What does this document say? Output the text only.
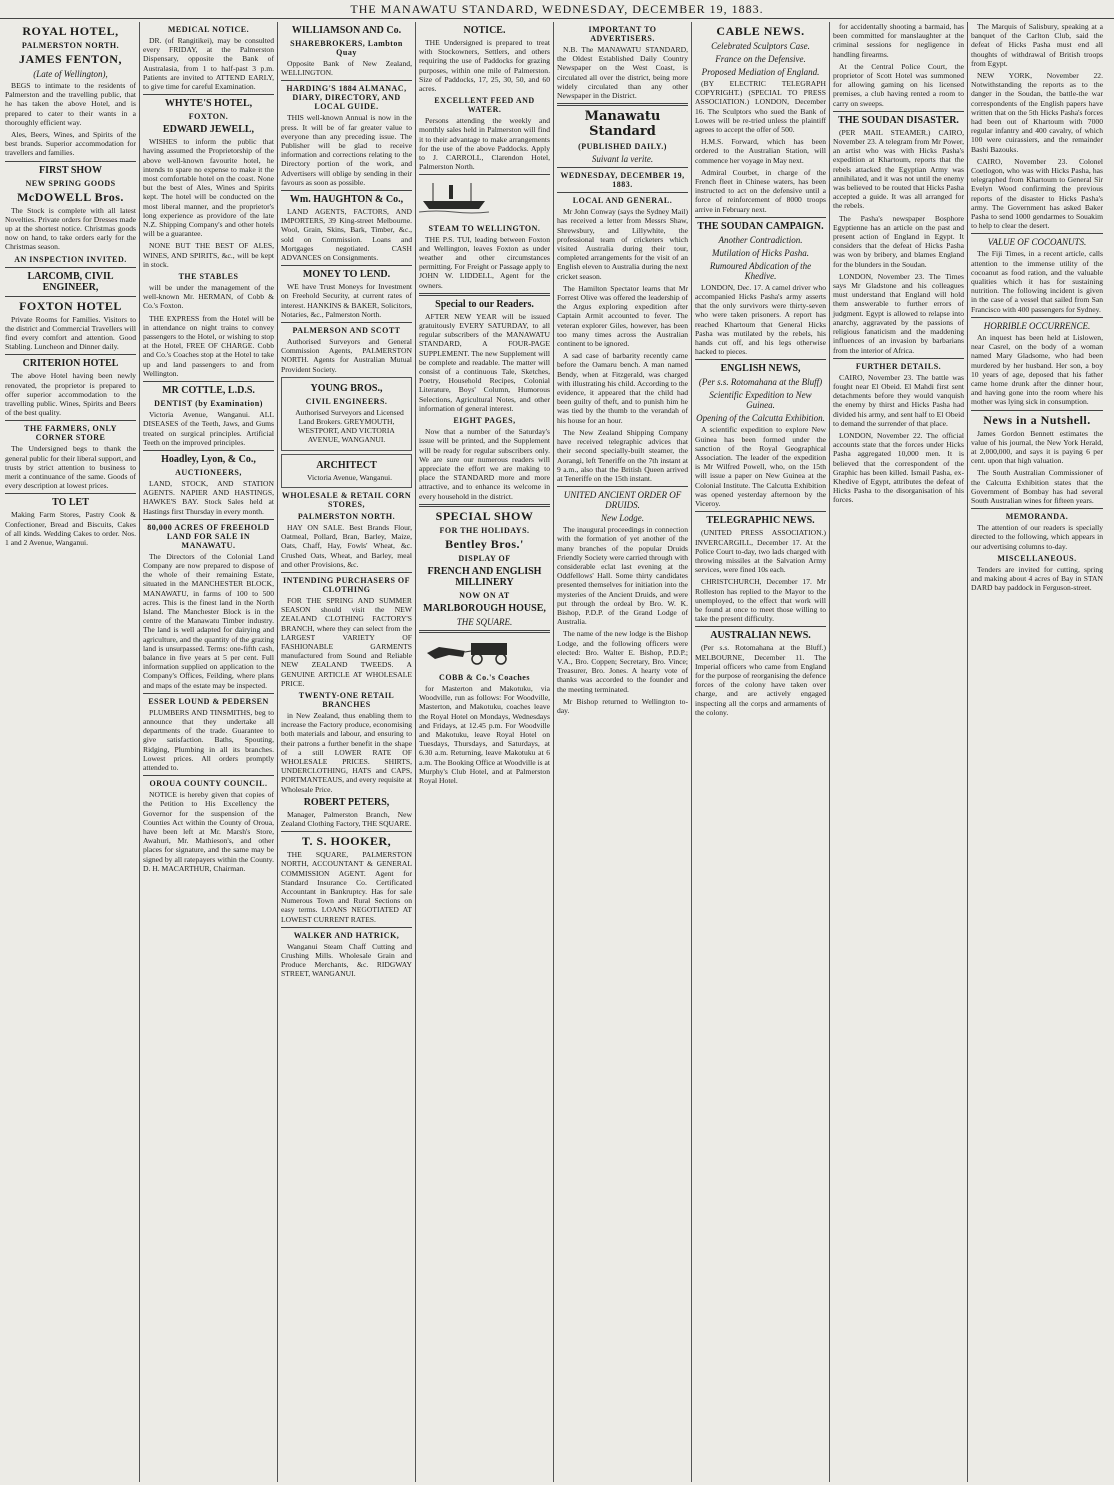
THE MANAWATU STANDARD, WEDNESDAY, DECEMBER 19, 1883.
ROYAL HOTEL,
PALMERSTON NORTH.
JAMES FENTON,
(Late of Wellington),

BEGS to intimate to the residents of Palmerston and the travelling public, that he has taken the above Hotel, and is prepared to cater to their wants in a thoroughly efficient way.

Ales, Beers, Wines, and Spirits of the best brands. Superior accommodation for travellers and families.

FIRST SHOW
NEW SPRING GOODS
McDOWELL Bros.

The Stock is complete with all latest Novelties. Private orders for Dresses made up at the shortest notice. Christmas goods now on hand, to take orders early for the Christmas season.

AN INSPECTION INVITED.
LARCOMB, CIVIL ENGINEER,
FOXTON HOTEL

Private Rooms for Families. Visitors to the district and Commercial Travellers will find every comfort and attention. Good Stabling. Luncheon and Dinner daily.

CRITERION HOTEL

The above Hotel having been newly renovated, the proprietor is prepared to offer superior accommodation to the travelling public. Wines, Spirits and Beers of the best quality.

THE FARMERS, ONLY CORNER STORE

The Undersigned begs to thank the general public for their liberal support, and trusts by strict attention to business to merit a continuance of the same. Goods of every description at lowest prices.

TO LET

Making Farm Stores, Pastry Cook & Confectioner, Bread and Biscuits, Cakes of all kinds. Wedding Cakes to order. Nos. 1 and 2 Avenue, Wanganui.

MEDICAL NOTICE.

DR. (of Rangitikei), may be consulted every FRIDAY, at the Palmerston Dispensary, opposite the Bank of Australasia, from 1 to half-past 3 p.m. Patients are invited to ATTEND EARLY, to give time for careful Examination.

WHYTE'S HOTEL,
FOXTON.
EDWARD JEWELL,

WISHES to inform the public that having assumed the Proprietorship of the above well-known favourite hotel, he intends to spare no expense to make it the most comfortable hotel on the coast. None but the best of Ales, Wines and Spirits kept. The hotel will be conducted on the most liberal manner, and the proprietor's long experience as providore of the late N.Z. Shipping Company's and other hotels will be a guarantee.

NONE BUT THE BEST OF ALES, WINES, AND SPIRITS, &c., will be kept in stock.

THE STABLES

will be under the management of the well-known Mr. HERMAN, of Cobb & Co.'s Foxton.

THE EXPRESS from the Hotel will be in attendance on night trains to convey passengers to the Hotel, or wishing to stop at the Hotel, FREE OF CHARGE. Cobb and Co.'s Coaches stop at the Hotel to take up and land passengers to and from Wellington.

MR COTTLE, L.D.S.
DENTIST (by Examination)

Victoria Avenue, Wanganui. ALL DISEASES of the Teeth, Jaws, and Gums treated on surgical principles. Artificial Teeth on the improved principles.

Hoadley, Lyon, & Co.,
AUCTIONEERS,

LAND, STOCK, AND STATION AGENTS. NAPIER AND HASTINGS, HAWKE'S BAY. Stock Sales held at Hastings first Thursday in every month.

80,000 ACRES OF FREEHOLD LAND FOR SALE IN MANAWATU.

The Directors of the Colonial Land Company are now prepared to dispose of the whole of their remaining Estate, situated in the MANCHESTER BLOCK, MANAWATU, in farms of 100 to 500 acres. This is the finest land in the North Island. The Manchester Block is in the centre of the Manawatu Timber industry. The land is well adapted for dairying and agriculture, and the quantity of the grazing land is unsurpassed. Terms: one-fifth cash, balance in five years at 5 per cent. Full information supplied on application to the Company's Offices, Feilding, where plans and maps of the estate may be inspected.

ESSER LOUND & PEDERSEN

PLUMBERS AND TINSMITHS, beg to announce that they undertake all departments of the trade. Guarantee to give satisfaction. Baths, Spouting, Ridging, Plumbing in all its branches. Lowest prices. All orders promptly attended to.

OROUA COUNTY COUNCIL.

NOTICE is hereby given that copies of the Petition to His Excellency the Governor for the suspension of the Counties Act within the County of Oroua, have been left at Mr. Marsh's Store, Awahuri, Mr. Mathieson's, and other places for signature, and the same may be signed by all ratepayers within the County. D. H. MACARTHUR, Chairman.

WILLIAMSON AND Co.
SHAREBROKERS, Lambton Quay

Opposite Bank of New Zealand, WELLINGTON.

HARDING'S 1884 ALMANAC, DIARY, DIRECTORY, AND LOCAL GUIDE.

THIS well-known Annual is now in the press. It will be of far greater value to everyone than any preceding issue. The Publisher will be glad to receive information and corrections relating to the Directory portion of the work, and Advertisers will oblige by sending in their favours as soon as possible.

Wm. HAUGHTON & Co.,

LAND AGENTS, FACTORS, AND IMPORTERS, 39 King-street Melbourne. Wool, Grain, Skins, Bark, Timber, &c., sold on Commission. Loans and Mortgages negotiated. CASH ADVANCES on Consignments.

MONEY TO LEND.

WE have Trust Moneys for Investment on Freehold Security, at current rates of interest. HANKINS & BAKER, Solicitors, Notaries, &c., Palmerston North.

PALMERSON AND SCOTT

Authorised Surveyors and General Commission Agents, PALMERSTON NORTH. Agents for Australian Mutual Provident Society.

YOUNG BROS.,
CIVIL ENGINEERS.

Authorised Surveyors and Licensed Land Brokers. GREYMOUTH, WESTPORT, AND VICTORIA AVENUE, WANGANUI.

ARCHITECT

Victoria Avenue, Wanganui.

WHOLESALE & RETAIL CORN STORES,
PALMERSTON NORTH.

HAY ON SALE. Best Brands Flour, Oatmeal, Pollard, Bran, Barley, Maize, Oats, Chaff, Hay, Fowls' Wheat, &c. Crushed Oats, Wheat, and Barley, meal and other Provisions, &c.

INTENDING PURCHASERS OF CLOTHING

FOR THE SPRING AND SUMMER SEASON should visit the NEW ZEALAND CLOTHING FACTORY'S BRANCH, where they can select from the LARGEST VARIETY OF FASHIONABLE GARMENTS manufactured from Sound and Reliable NEW ZEALAND TWEEDS. A GENUINE ARTICLE AT WHOLESALE PRICE.

TWENTY-ONE RETAIL BRANCHES

in New Zealand, thus enabling them to increase the Factory produce, economising both materials and labour, and ensuring to their patrons a further benefit in the shape of a still LOWER RATE OF WHOLESALE PRICES. SHIRTS, UNDERCLOTHING, HATS and CAPS, PORTMANTEAUS, and every requisite at Wholesale Price.

ROBERT PETERS,

Manager, Palmerston Branch, New Zealand Clothing Factory, THE SQUARE.

T. S. HOOKER,

THE SQUARE, PALMERSTON NORTH, ACCOUNTANT & GENERAL COMMISSION AGENT. Agent for Standard Insurance Co. Certificated Accountant in Bankruptcy. Has for sale Numerous Town and Rural Sections on easy terms. LOANS NEGOTIATED AT LOWEST CURRENT RATES.

WALKER AND HATRICK,

Wanganui Steam Chaff Cutting and Crushing Mills. Wholesale Grain and Produce Merchants, &c. RIDGWAY STREET, WANGANUI.

NOTICE.

THE Undersigned is prepared to treat with Stockowners, Settlers, and others requiring the use of Paddocks for grazing purposes, within one mile of Palmerston. Size of Paddocks, 17, 25, 30, 50, and 60 acres.

EXCELLENT FEED AND WATER.

Persons attending the weekly and monthly sales held in Palmerston will find it to their advantage to make arrangements for the use of the above Paddocks. Apply to J. CARROLL, Clarendon Hotel, Palmerston North.

STEAM TO WELLINGTON.

THE P.S. TUI, leading between Foxton and Wellington, leaves Foxton as under weather and other circumstances permitting. For Freight or Passage apply to JOHN W. LIDDELL, Agent for the owners.

Special to our Readers.

AFTER NEW YEAR will be issued gratuitously EVERY SATURDAY, to all regular subscribers of the MANAWATU STANDARD, A FOUR-PAGE SUPPLEMENT. The new Supplement will be complete and readable. The matter will consist of a continuous Tale, Sketches, Poetry, Household Recipes, Colonial Literature, Boys' Column, Humorous Selections, Agricultural Notes, and other information of general interest.

EIGHT PAGES,

Now that a number of the Saturday's issue will be printed, and the Supplement will be ready for regular subscribers only. We are sure our numerous readers will appreciate the effort we are making to place the STANDARD more and more attractive, and to enhance its welcome in every household in the district.

SPECIAL SHOW
FOR THE HOLIDAYS.
Bentley Bros.'
DISPLAY OF
FRENCH AND ENGLISH MILLINERY
NOW ON AT
MARLBOROUGH HOUSE,
THE SQUARE.
COBB & Co.'s Coaches

for Masterton and Makotuku, via Woodville, run as follows: For Woodville, Masterton, and Makotuku, coaches leave the Royal Hotel on Mondays, Wednesdays and Fridays, at 12.45 p.m. For Woodville and Makotuku, leave Royal Hotel on Tuesdays, Thursdays, and Saturdays, at 6.30 a.m. Returning, leave Makotuku at 6 a.m. The Booking Office at Woodville is at Murphy's Club Hotel, and at Palmerston Royal Hotel.

IMPORTANT TO ADVERTISERS.

N.B. The MANAWATU STANDARD, the Oldest Established Daily Country Newspaper on the West Coast, is circulated all over the district, being more widely circulated than any other Newspaper in the District.

Manawatu Standard
(PUBLISHED DAILY.)
Suivant la verite.
WEDNESDAY, DECEMBER 19, 1883.
LOCAL AND GENERAL.

Mr John Conway (says the Sydney Mail) has received a letter from Messrs Shaw, Shrewsbury, and Lillywhite, the professional team of cricketers which visited Australia during their tour, completed arrangements for the visit of an English eleven to Australia during the next cricket season.

The Hamilton Spectator learns that Mr Forrest Olive was offered the leadership of the Argus exploring expedition after Captain Armit accounted to fever. The veteran explorer Giles, however, has been too many times across the Australian continent to be ignored.

A sad case of barbarity recently came before the Oamaru bench. A man named Bendy, when at Fitzgerald, was charged with illustrating his child. According to the evidence, it appeared that the child had been guilty of theft, and to punish him he was tied by the thumb to the verandah of his house for an hour.

The New Zealand Shipping Company have received telegraphic advices that their second specially-built steamer, the Aorangi, left Teneriffe on the 7th instant at 9 a.m., also that the British Queen arrived at Teneriffe on the 15th instant.

UNITED ANCIENT ORDER OF DRUIDS.
New Lodge.

The inaugural proceedings in connection with the formation of yet another of the many branches of the popular Druids Friendly Society were carried through with considerable eclat last evening at the Oddfellows' Hall. Some thirty candidates presented themselves for initiation into the mysteries of the Ancient Druids, and were put through the ordeal by Bro. W. K. Bishop, P.D.P. of the Grand Lodge of Australia.

The name of the new lodge is the Bishop Lodge, and the following officers were elected: Bro. Walter E. Bishop, P.D.P.; V.A., Bro. Coppen; Secretary, Bro. Vince; Treasurer, Bro. Jones. A hearty vote of thanks was accorded to the founder and the meeting terminated.

Mr Bishop returned to Wellington to-day.

CABLE NEWS.
Celebrated Sculptors Case.
France on the Defensive.
Proposed Mediation of England.

(BY ELECTRIC TELEGRAPH COPYRIGHT.) (SPECIAL TO PRESS ASSOCIATION.) LONDON, December 16. The Sculptors who sued the Bank of Lowes will be re-tried unless the plaintiff agrees to accept the offer of 500.

H.M.S. Forward, which has been ordered to the Australian Station, will commence her voyage in May next.

Admiral Courbet, in charge of the French fleet in Chinese waters, has been instructed to act on the defensive until a force of reinforcement of 8000 troops arrive in February next.

THE SOUDAN CAMPAIGN.
Another Contradiction.
Mutilation of Hicks Pasha.
Rumoured Abdication of the Khedive.

LONDON, Dec. 17. A camel driver who accompanied Hicks Pasha's army asserts that the only survivors were thirty-seven who were taken prisoners. A report has reached Khartoum that General Hicks Pasha was mutilated by the rebels, his hands cut off, and his legs otherwise hacked to pieces.

ENGLISH NEWS,
(Per s.s. Rotomahana at the Bluff)
Scientific Expedition to New Guinea.
Opening of the Calcutta Exhibition.

A scientific expedition to explore New Guinea has been formed under the sanction of the Royal Geographical Association. The leader of the expedition is Mr Wilfred Powell, who, on the 15th will issue a paper on New Guinea at the Colonial Institute. The Calcutta Exhibition was opened yesterday afternoon by the Viceroy.

TELEGRAPHIC NEWS.

(UNITED PRESS ASSOCIATION.) INVERCARGILL, December 17. At the Police Court to-day, two lads charged with throwing missiles at the Salvation Army services, were fined 10s each.

CHRISTCHURCH, December 17. Mr Rolleston has replied to the Mayor to the unemployed, to the effect that work will be found at once to meet those willing to take the present difficulty.

AUSTRALIAN NEWS.

(Per s.s. Rotomahana at the Bluff.) MELBOURNE, December 11. The Imperial officers who came from England for the purpose of reorganising the defence forces of the colony have taken over charge, and are actively engaged inspecting all the corps and armaments of the colony.

for accidentally shooting a barmaid, has been committed for manslaughter at the criminal sessions for negligence in handling firearms.

At the Central Police Court, the proprietor of Scott Hotel was summoned for allowing gaming on his licensed premises, a club having rented a room to carry on sweeps.

THE SOUDAN DISASTER.

(PER MAIL STEAMER.) CAIRO, November 23. A telegram from Mr Power, an artist who was with Hicks Pasha's expedition at Khartoum, reports that the rebels attacked the Egyptian Army was annihilated, and it was not until the enemy was believed to be routed that Hicks Pasha accepted a guide. It was all arranged for the rebels.

The Pasha's newspaper Bosphore Egyptienne has an article on the past and present action of England in Egypt. It considers that the defeat of Hicks Pasha was won by bribery, and blames England for the blunders in the Soudan.

LONDON, November 23. The Times says Mr Gladstone and his colleagues must understand that England will hold them answerable to further errors of judgment. Egypt is allowed to relapse into anarchy, aggravated by the passions of religious fanaticism and the maddening influences of an invasion by barbarians from the interior of Africa.

FURTHER DETAILS.

CAIRO, November 23. The battle was fought near El Obeid. El Mahdi first sent detachments before they would vanquish the enemy by thirst and Hicks Pasha had divided his army, and sent half to El Obeid to demand the surrender of that place.

LONDON, November 22. The official accounts state that the forces under Hicks Pasha aggregated 10,000 men. It is believed that the correspondent of the Graphic has been killed. Ismail Pasha, ex-Khedive of Egypt, attributes the defeat of Hicks Pasha to the disorganisation of his forces.

The Marquis of Salisbury, speaking at a banquet of the Carlton Club, said the defeat of Hicks Pasha must end all thoughts of withdrawal of British troops from Egypt.

NEW YORK, November 22. Notwithstanding the reports as to the danger in the Soudan, the battle-the war correspondents of the English papers have written that on the 5th Hicks Pasha's forces had been out of Khartoum with 7000 regular infantry and 400 cavalry, of which 100 were cuirassiers, and the remainder Bashi Bazouks.

CAIRO, November 23. Colonel Coetlogon, who was with Hicks Pasha, has telegraphed from Khartoum to General Sir Evelyn Wood confirming the previous reports of the disaster to Hicks Pasha's army. The Government has asked Baker Pasha to send 1000 gendarmes to Souakim to help to clear the desert.

VALUE OF COCOANUTS.

The Fiji Times, in a recent article, calls attention to the immense utility of the cocoanut as food ration, and the valuable qualities which it has for sustaining nutrition. The following incident is given in the case of a vessel that sailed from San Francisco with 400 passengers for Sydney.

HORRIBLE OCCURRENCE.

An inquest has been held at Lislowen, near Casrel, on the body of a woman named Mary Gladsome, who had been murdered by her husband. Her son, a boy 10 years of age, deposed that his father came home drunk after the dinner hour, and having gone into the room where his mother was lying sick in consumption.

News in a Nutshell.

James Gordon Bennett estimates the value of his journal, the New York Herald, at 2,000,000, and says it is paying 6 per cent. upon that high valuation.

The South Australian Commissioner of the Calcutta Exhibition states that the Government of Bombay has had several South Australian wines for fifteen years.

MEMORANDA.

The attention of our readers is specially directed to the following, which appears in our advertising columns to-day.

MISCELLANEOUS.

Tenders are invited for cutting, spring and making about 4 acres of Bay in STAN DARD bay paddock in Ferguson-street.
